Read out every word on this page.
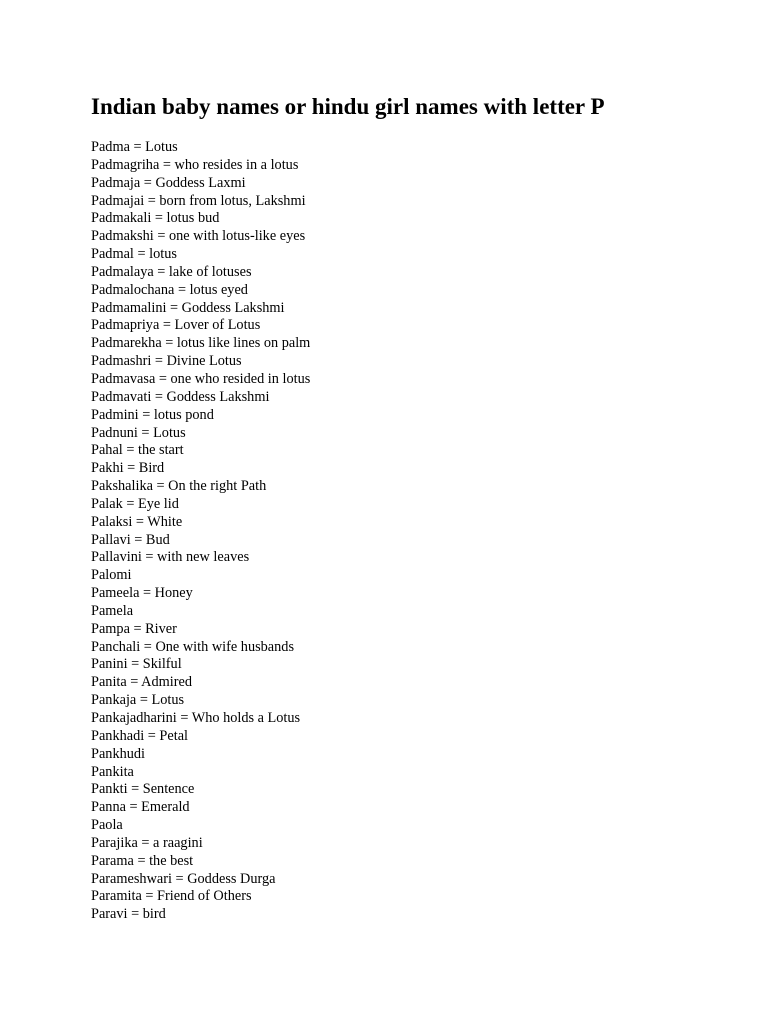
Indian baby names or hindu girl names with letter P
Padma = Lotus
Padmagriha = who resides in a lotus
Padmaja = Goddess Laxmi
Padmajai = born from lotus, Lakshmi
Padmakali = lotus bud
Padmakshi = one with lotus-like eyes
Padmal = lotus
Padmalaya = lake of lotuses
Padmalochana = lotus eyed
Padmamalini = Goddess Lakshmi
Padmapriya = Lover of Lotus
Padmarekha = lotus like lines on palm
Padmashri = Divine Lotus
Padmavasa = one who resided in lotus
Padmavati = Goddess Lakshmi
Padmini = lotus pond
Padnuni = Lotus
Pahal = the start
Pakhi = Bird
Pakshalika = On the right Path
Palak = Eye lid
Palaksi = White
Pallavi = Bud
Pallavini = with new leaves
Palomi
Pameela = Honey
Pamela
Pampa = River
Panchali = One with wife husbands
Panini = Skilful
Panita = Admired
Pankaja = Lotus
Pankajadharini = Who holds a Lotus
Pankhadi = Petal
Pankhudi
Pankita
Pankti = Sentence
Panna = Emerald
Paola
Parajika = a raagini
Parama = the best
Parameshwari = Goddess Durga
Paramita = Friend of Others
Paravi = bird
